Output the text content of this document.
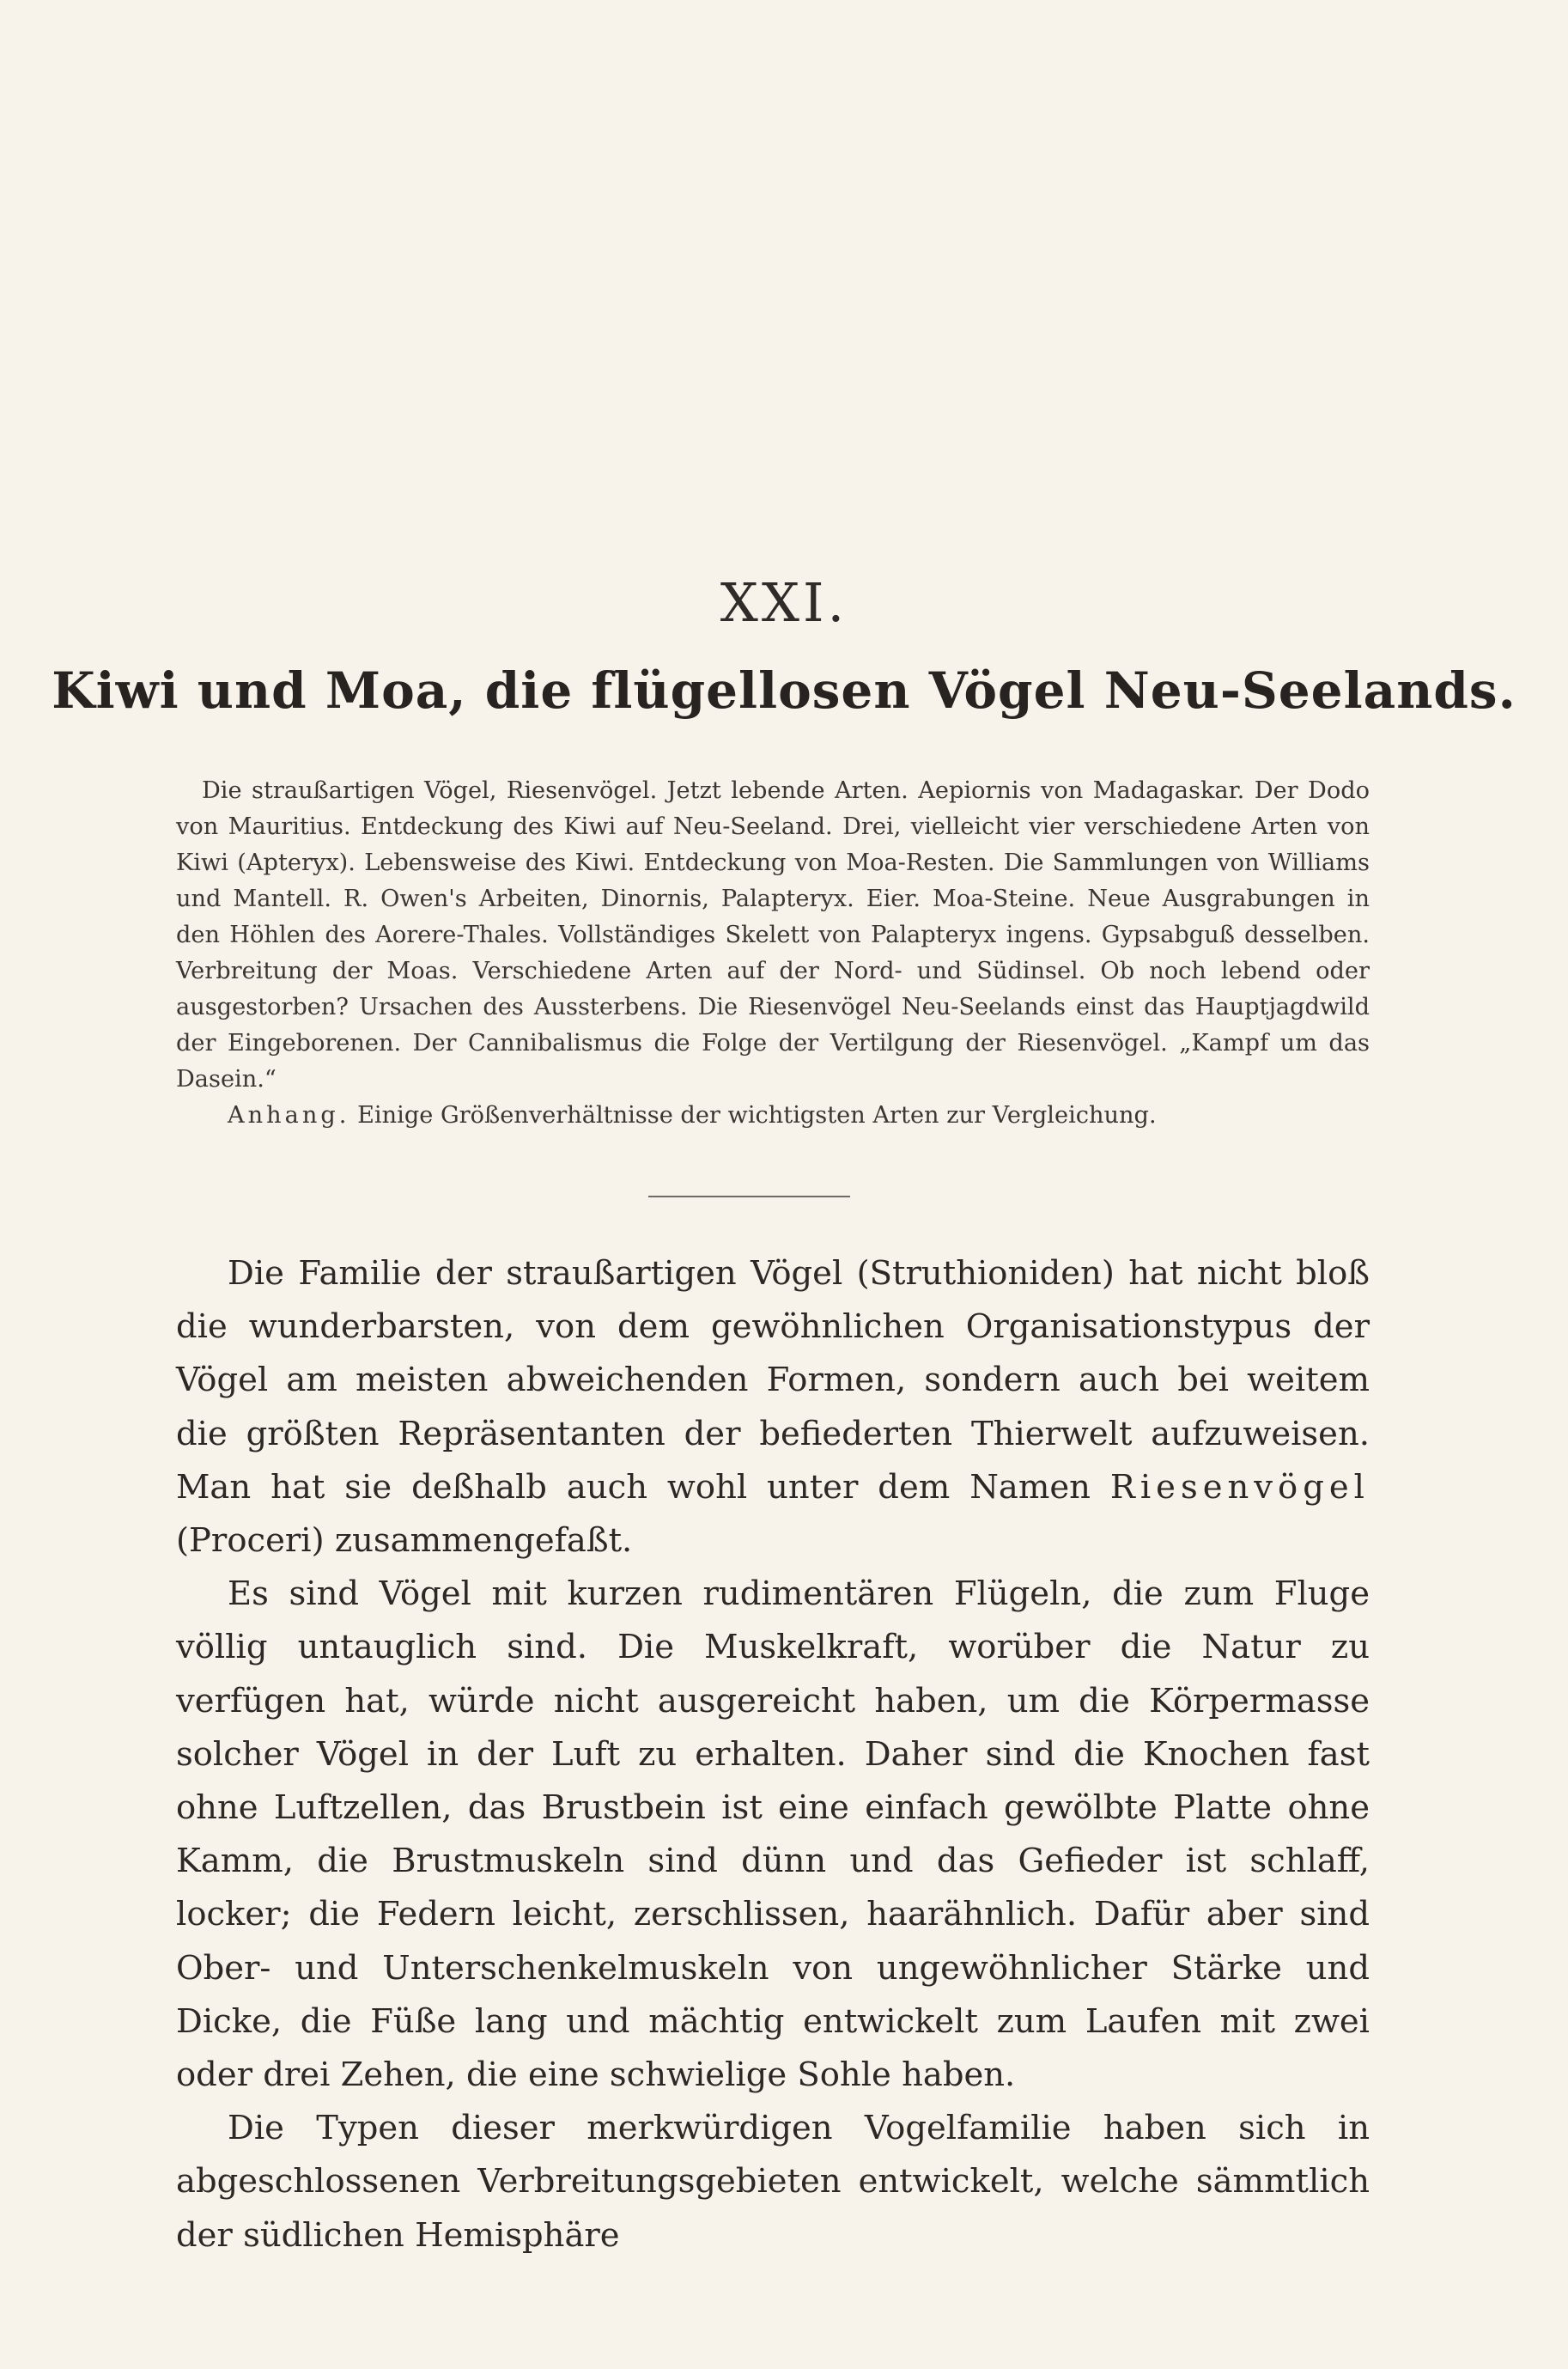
XXI.
Kiwi und Moa, die flügellosen Vögel Neu-Seelands.

Die straußartigen Vögel, Riesenvögel. Jetzt lebende Arten. Aepiornis von Madagaskar. Der Dodo von Mauritius. Entdeckung des Kiwi auf Neu-Seeland. Drei, vielleicht vier verschiedene Arten von Kiwi (Apteryx). Lebensweise des Kiwi. Entdeckung von Moa-Resten. Die Sammlungen von Williams und Mantell. R. Owen's Arbeiten, Dinornis, Palapteryx. Eier. Moa-Steine. Neue Ausgrabungen in den Höhlen des Aorere-Thales. Vollständiges Skelett von Palapteryx ingens. Gypsabguß desselben. Verbreitung der Moas. Verschiedene Arten auf der Nord- und Südinsel. Ob noch lebend oder ausgestorben? Ursachen des Aussterbens. Die Riesenvögel Neu-Seelands einst das Hauptjagdwild der Eingeborenen. Der Cannibalismus die Folge der Vertilgung der Riesenvögel. „Kampf um das Dasein.“

Anhang. Einige Größenverhältnisse der wichtigsten Arten zur Vergleichung.

Die Familie der straußartigen Vögel (Struthioniden) hat nicht bloß die wunderbarsten, von dem gewöhnlichen Organisationstypus der Vögel am meisten abweichenden Formen, sondern auch bei weitem die größten Repräsentanten der befiederten Thierwelt aufzuweisen. Man hat sie deßhalb auch wohl unter dem Namen Riesenvögel (Proceri) zusammengefaßt.

Es sind Vögel mit kurzen rudimentären Flügeln, die zum Fluge völlig untauglich sind. Die Muskelkraft, worüber die Natur zu verfügen hat, würde nicht ausgereicht haben, um die Körpermasse solcher Vögel in der Luft zu erhalten. Daher sind die Knochen fast ohne Luftzellen, das Brustbein ist eine einfach gewölbte Platte ohne Kamm, die Brustmuskeln sind dünn und das Gefieder ist schlaff, locker; die Federn leicht, zerschlissen, haarähnlich. Dafür aber sind Ober- und Unterschenkelmuskeln von ungewöhnlicher Stärke und Dicke, die Füße lang und mächtig entwickelt zum Laufen mit zwei oder drei Zehen, die eine schwielige Sohle haben.

Die Typen dieser merkwürdigen Vogelfamilie haben sich in abgeschlossenen Verbreitungsgebieten entwickelt, welche sämmtlich der südlichen Hemisphäre
